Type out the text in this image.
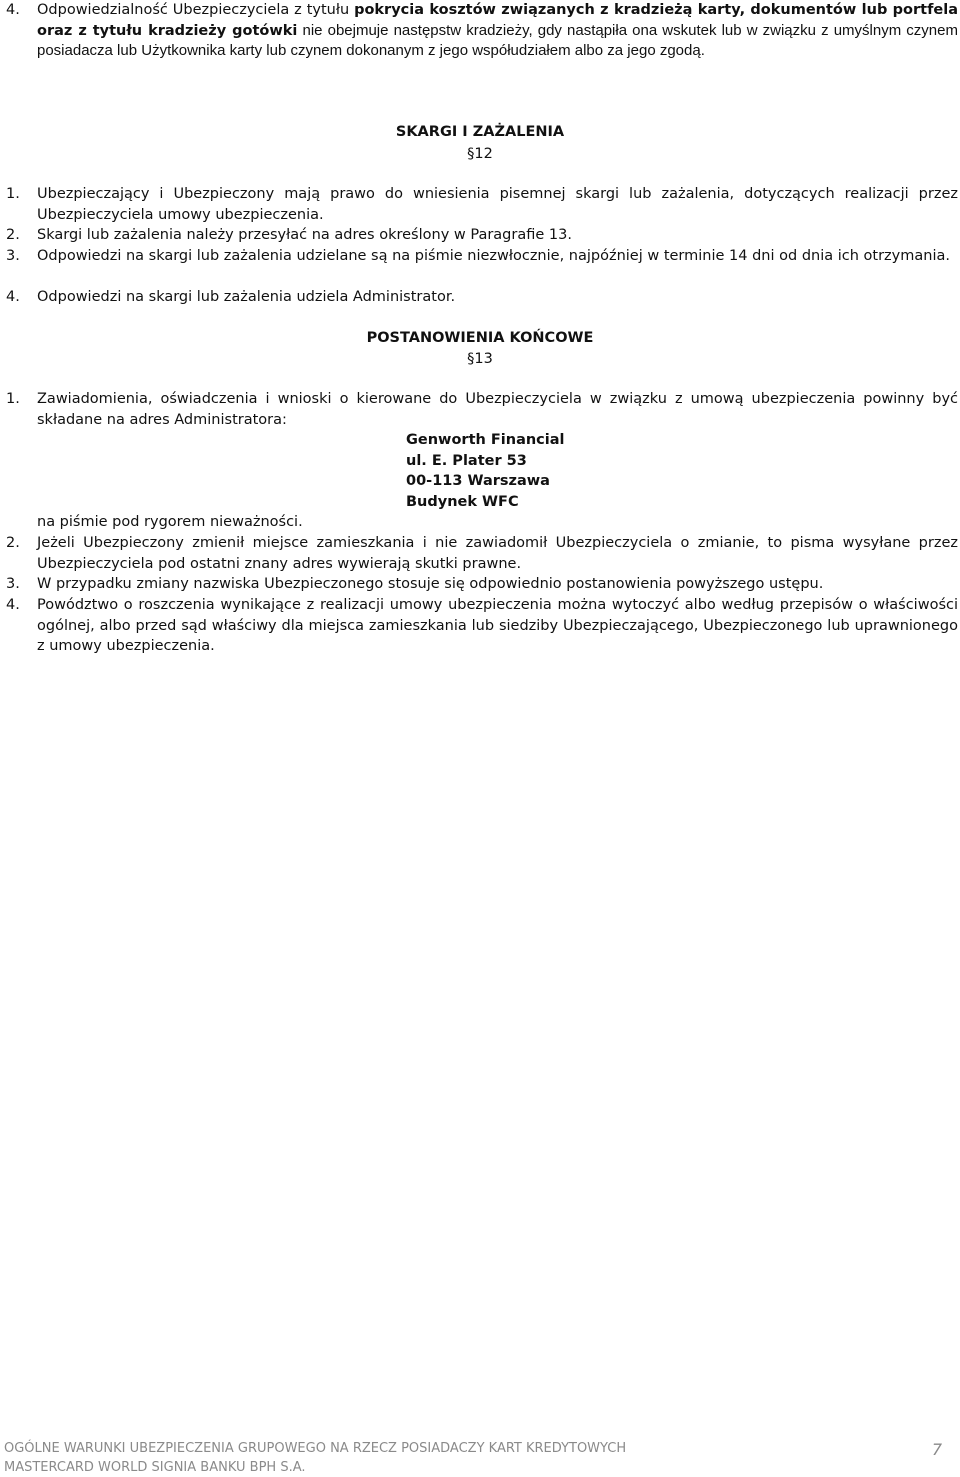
4. Odpowiedzialność Ubezpieczyciela z tytułu pokrycia kosztów związanych z kradzieżą karty, dokumentów lub portfela oraz z tytułu kradzieży gotówki nie obejmuje następstw kradzieży, gdy nastąpiła ona wskutek lub w związku z umyślnym czynem posiadacza lub Użytkownika karty lub czynem dokonanym z jego współudziałem albo za jego zgodą.
SKARGI I ZAŻALENIA
§12
1. Ubezpieczający i Ubezpieczony mają prawo do wniesienia pisemnej skargi lub zażalenia, dotyczących realizacji przez Ubezpieczyciela umowy ubezpieczenia.
2. Skargi lub zażalenia należy przesyłać na adres określony w Paragrafie 13.
3. Odpowiedzi na skargi lub zażalenia udzielane są na piśmie niezwłocznie, najpóźniej w terminie 14 dni od dnia ich otrzymania.
4. Odpowiedzi na skargi lub zażalenia udziela Administrator.
POSTANOWIENIA KOŃCOWE
§13
1. Zawiadomienia, oświadczenia i wnioski o kierowane do Ubezpieczyciela w związku z umową ubezpieczenia powinny być składane na adres Administratora:
Genworth Financial
ul. E. Plater 53
00-113 Warszawa
Budynek WFC
na piśmie pod rygorem nieważności.
2. Jeżeli Ubezpieczony zmienił miejsce zamieszkania i nie zawiadomił Ubezpieczyciela o zmianie, to pisma wysyłane przez Ubezpieczyciela pod ostatni znany adres wywierają skutki prawne.
3. W przypadku zmiany nazwiska Ubezpieczonego stosuje się odpowiednio postanowienia powyższego ustępu.
4. Powództwo o roszczenia wynikające z realizacji umowy ubezpieczenia można wytoczyć albo według przepisów o właściwości ogólnej, albo przed sąd właściwy dla miejsca zamieszkania lub siedziby Ubezpieczającego, Ubezpieczonego lub uprawnionego z umowy ubezpieczenia.
OGÓLNE WARUNKI UBEZPIECZENIA GRUPOWEGO NA RZECZ POSIADACZY KART KREDYTOWYCH
MASTERCARD WORLD SIGNIA BANKU BPH S.A.
7
